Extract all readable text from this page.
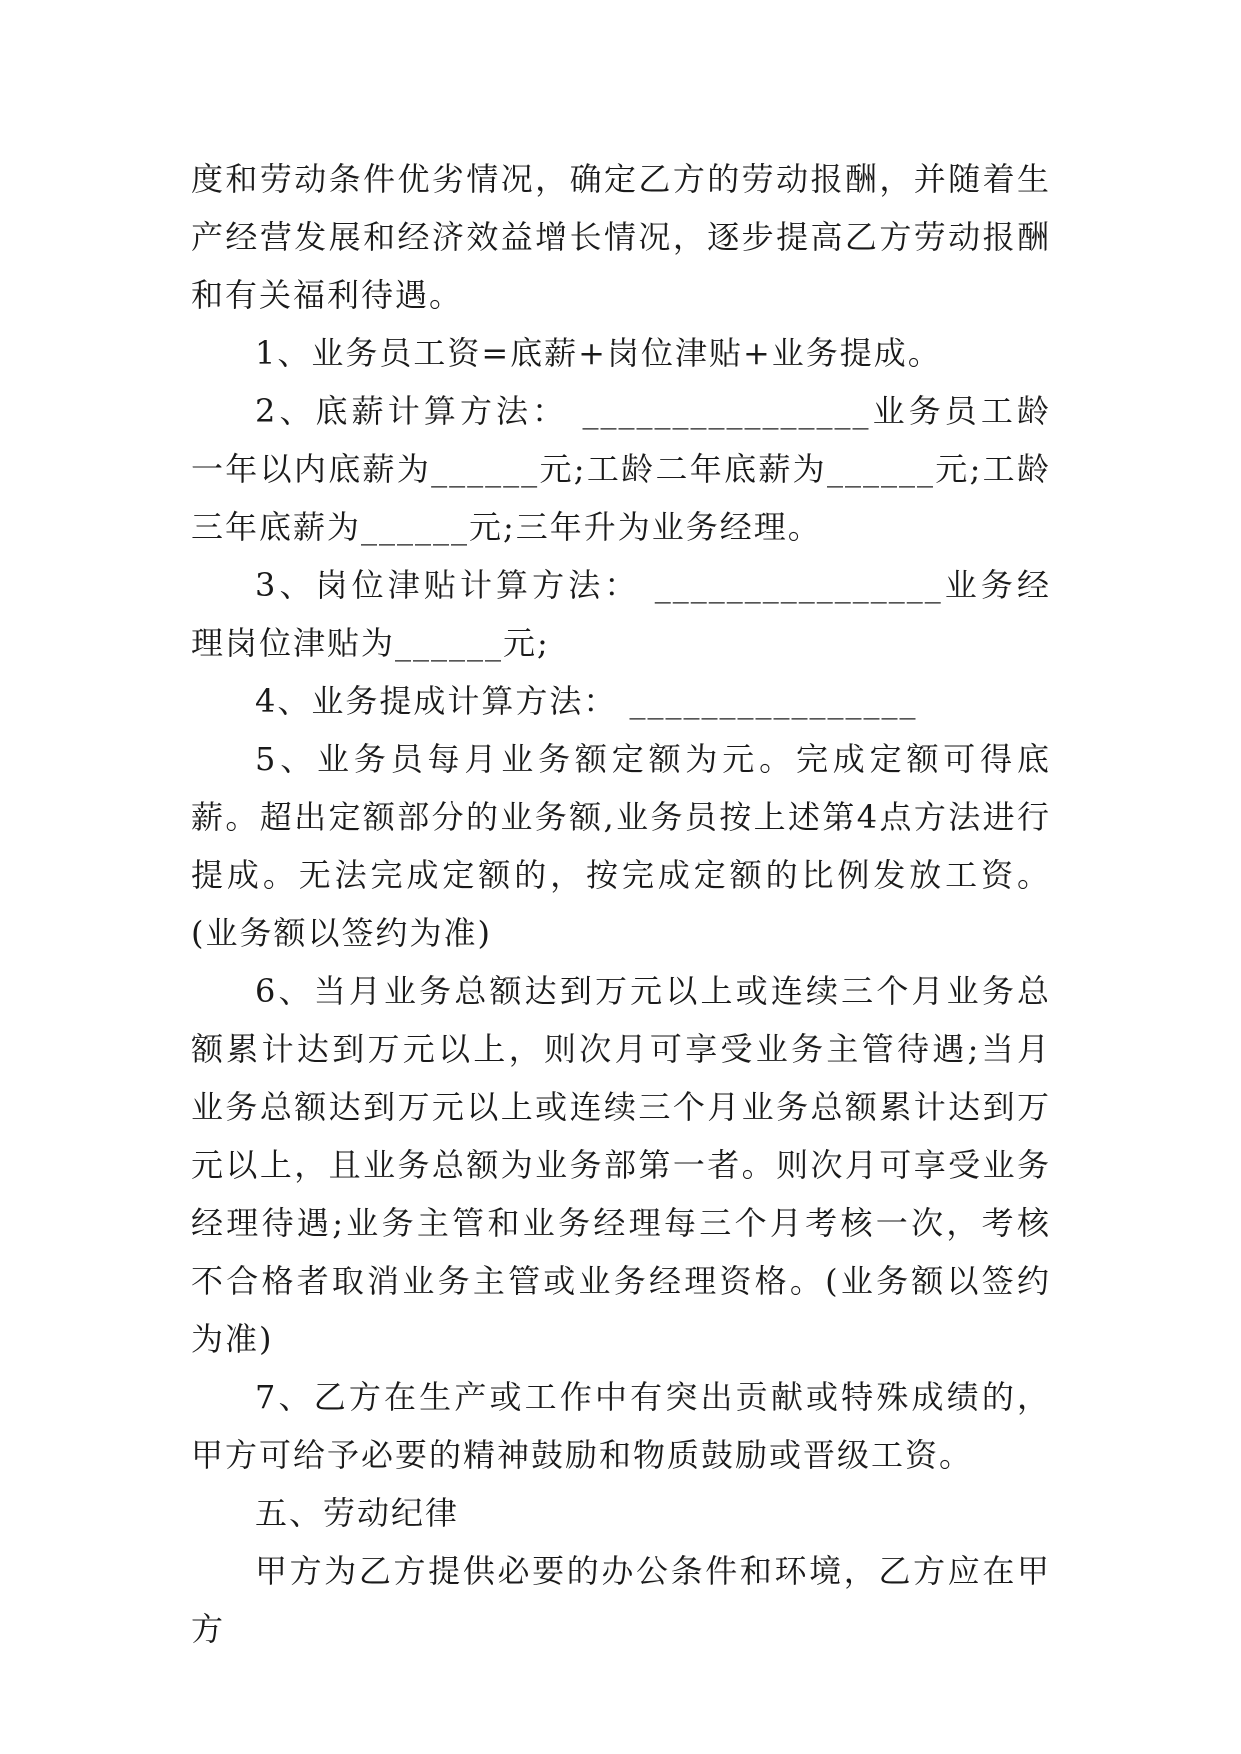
度和劳动条件优劣情况，确定乙方的劳动报酬，并随着生产经营发展和经济效益增长情况，逐步提高乙方劳动报酬和有关福利待遇。

1、业务员工资=底薪+岗位津贴+业务提成。

2、底薪计算方法： ________________业务员工龄一年以内底薪为______元;工龄二年底薪为______元;工龄三年底薪为______元;三年升为业务经理。

3、岗位津贴计算方法： ________________业务经理岗位津贴为______元;

4、业务提成计算方法： ________________

5、业务员每月业务额定额为元。完成定额可得底薪。超出定额部分的业务额,业务员按上述第4点方法进行提成。无法完成定额的，按完成定额的比例发放工资。(业务额以签约为准)

6、当月业务总额达到万元以上或连续三个月业务总额累计达到万元以上，则次月可享受业务主管待遇;当月业务总额达到万元以上或连续三个月业务总额累计达到万元以上，且业务总额为业务部第一者。则次月可享受业务经理待遇;业务主管和业务经理每三个月考核一次，考核不合格者取消业务主管或业务经理资格。(业务额以签约为准)

7、乙方在生产或工作中有突出贡献或特殊成绩的，甲方可给予必要的精神鼓励和物质鼓励或晋级工资。

五、劳动纪律

甲方为乙方提供必要的办公条件和环境，乙方应在甲方
